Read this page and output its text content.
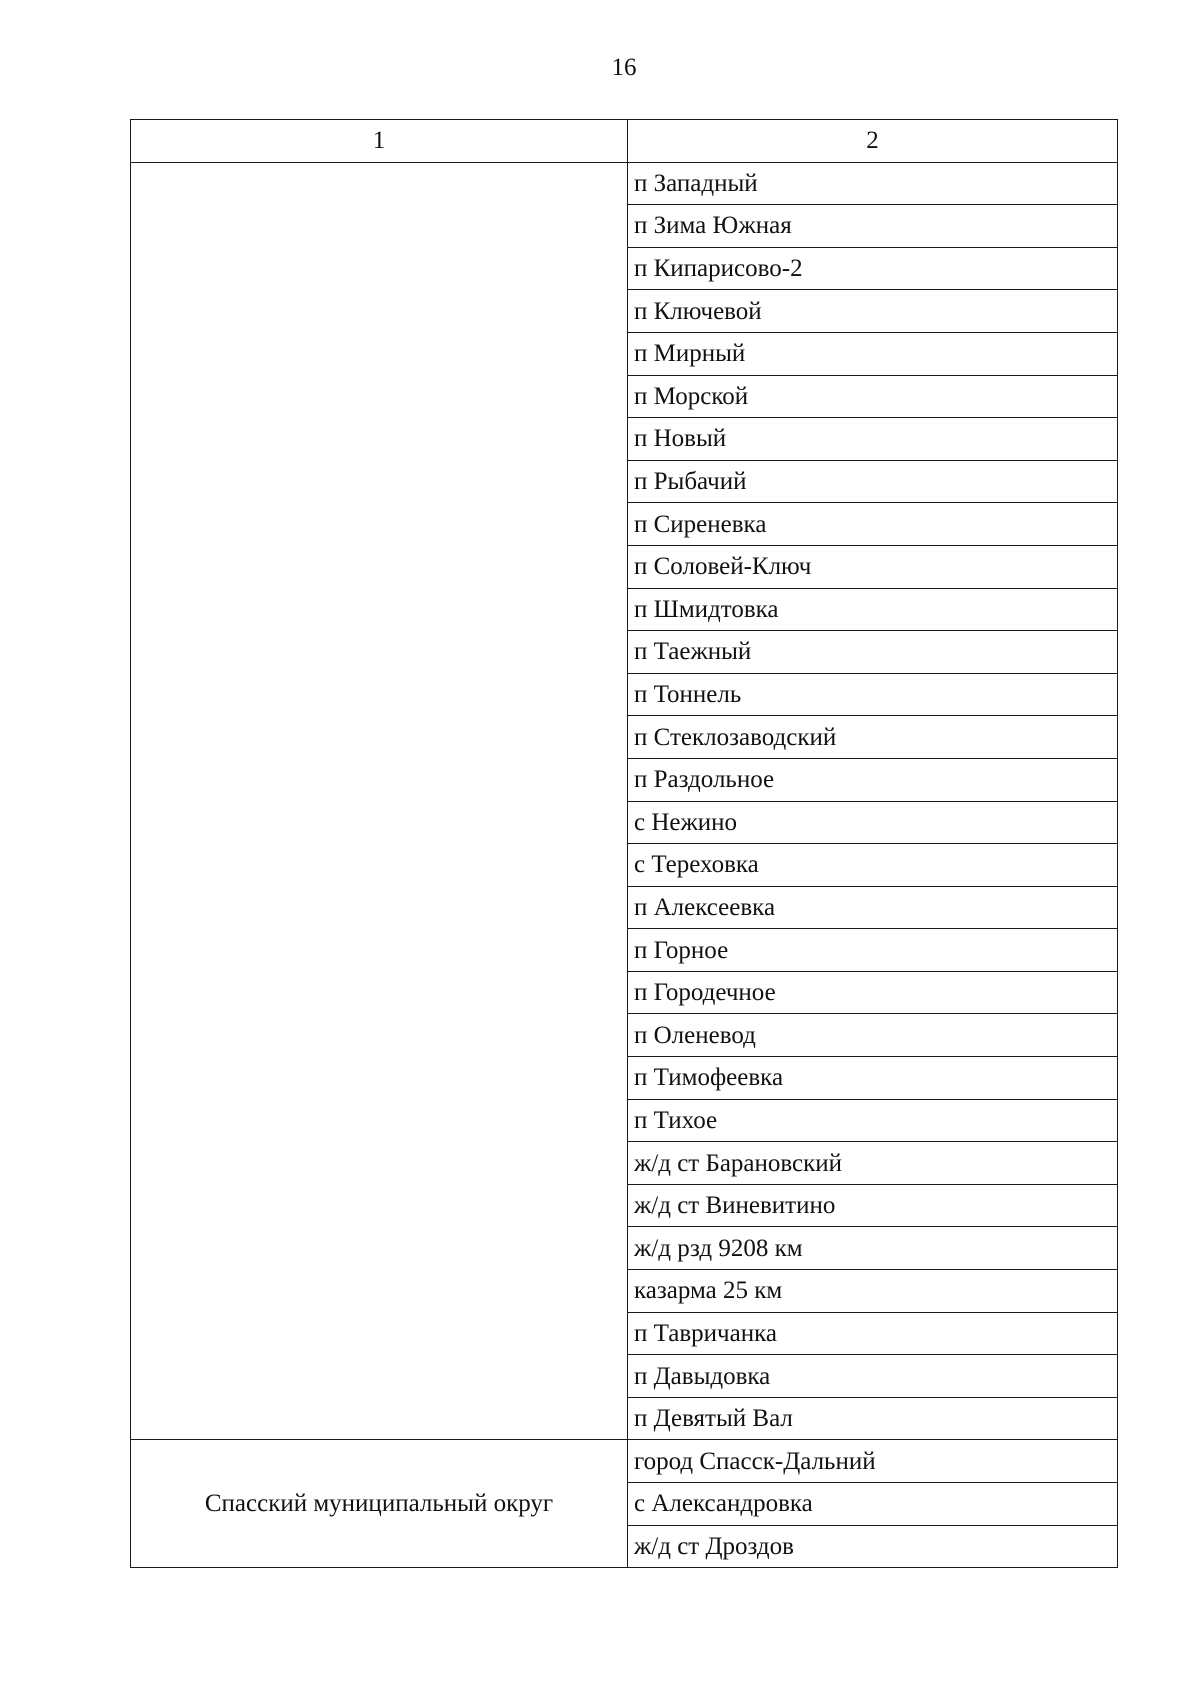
16
1	2
	п Западный
	п Зима Южная
	п Кипарисово-2
	п Ключевой
	п Мирный
	п Морской
	п Новый
	п Рыбачий
	п Сиреневка
	п Соловей-Ключ
	п Шмидтовка
	п Таежный
	п Тоннель
	п Стеклозаводский
	п Раздольное
	с Нежино
	с Тереховка
	п Алексеевка
	п Горное
	п Городечное
	п Оленевод
	п Тимофеевка
	п Тихое
	ж/д ст Барановский
	ж/д ст Виневитино
	ж/д рзд 9208 км
	казарма 25 км
	п Тавричанка
	п Давыдовка
	п Девятый Вал
Спасский муниципальный округ	город Спасск-Дальний
	с Александровка
	ж/д ст Дроздов
